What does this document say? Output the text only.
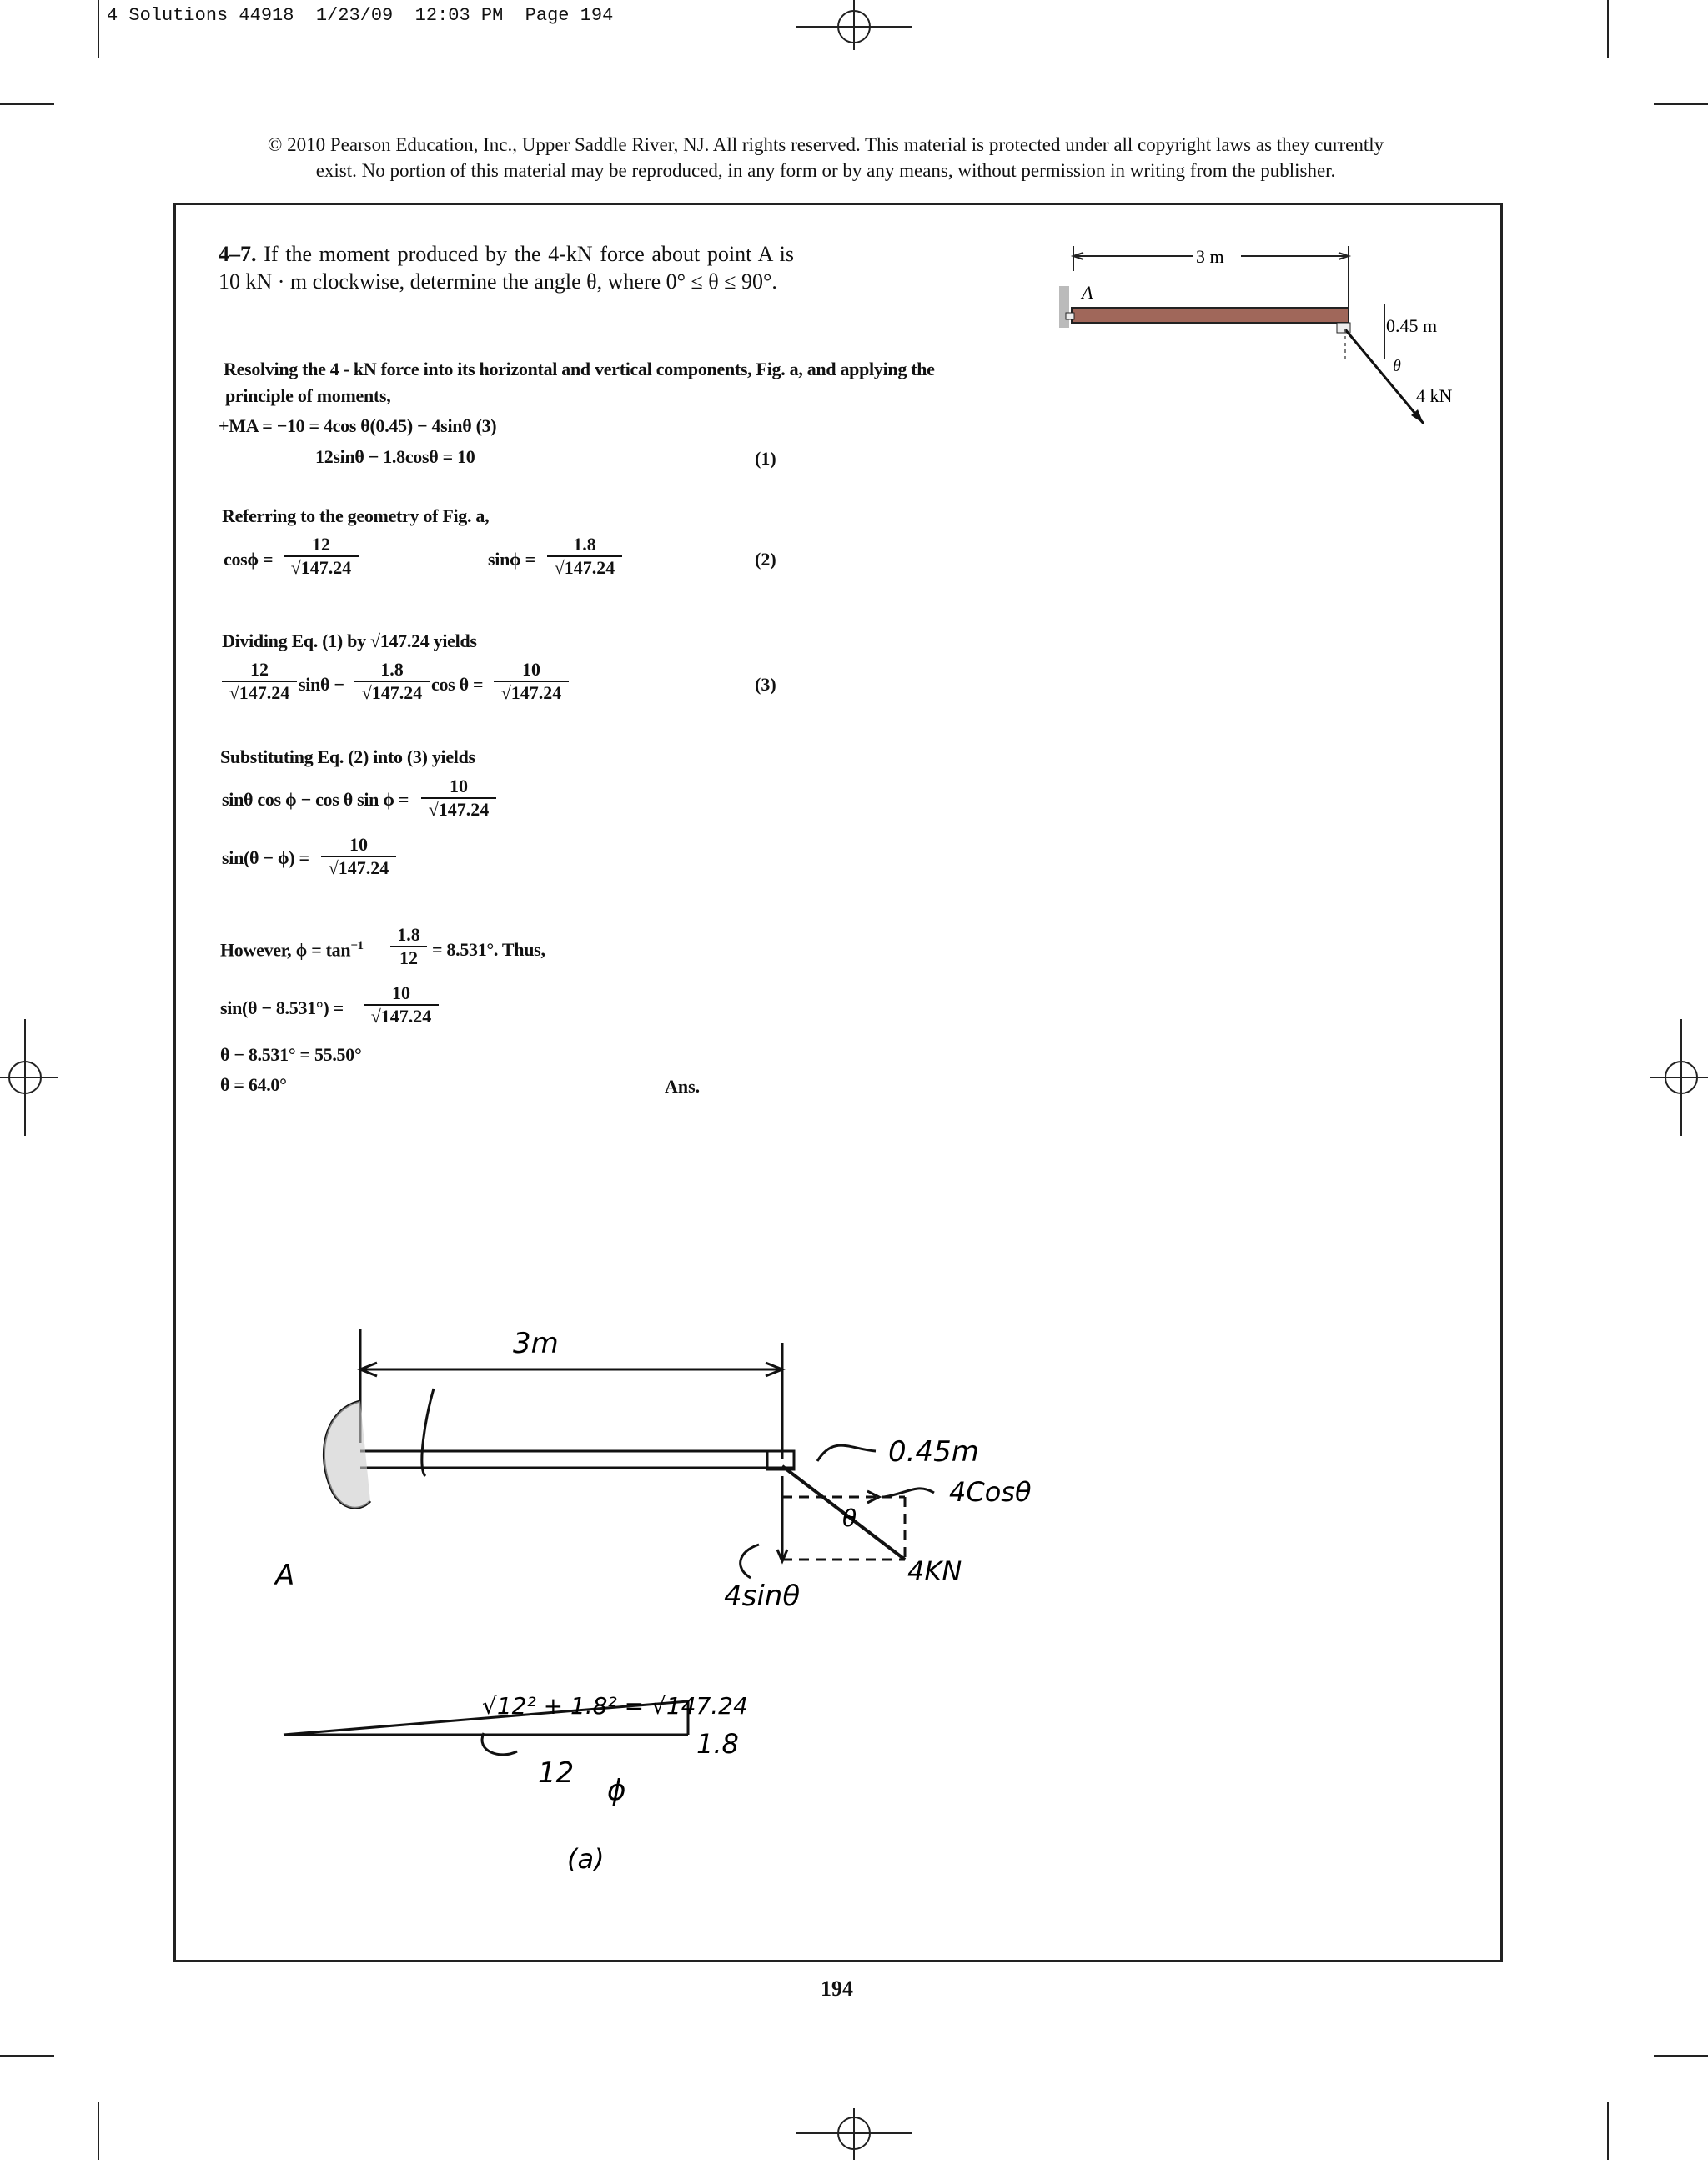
4 Solutions 44918  1/23/09  12:03 PM  Page 194
© 2010 Pearson Education, Inc., Upper Saddle River, NJ. All rights reserved. This material is protected under all copyright laws as they currently
exist. No portion of this material may be reproduced, in any form or by any means, without permission in writing from the publisher.
4–7. If the moment produced by the 4-kN force about point A is 10 kN · m clockwise, determine the angle θ, where 0° ≤ θ ≤ 90°.
3 m
0.45 m
A
θ
4 kN
Resolving the 4 - kN force into its horizontal and vertical components, Fig. a, and applying the
principle of moments,
+MA = −10 = 4cos θ(0.45) − 4sinθ (3)
12sinθ − 1.8cosθ = 10	(1)
Referring to the geometry of Fig. a,
$\cos\phi = \frac{12}{√147.24}$	$\sin\phi = \frac{1.8}{√147.24}$	(2)
Dividing Eq. (1) by √147.24 yields
$\frac{12}{√147.24}$ $\sin\theta - \frac{1.8}{√147.24}$ $\cos \theta = \frac{10}{√147.24}$	(3)
Substituting Eq. (2) into (3) yields
sinθ cos ϕ − cos θ $\sin \phi = \frac{10}{√147.24}$
$\sin(\theta - \phi) = \frac{10}{√147.24}$
However, $\phi = \tan^{-1} \frac{1.8}{12} = 8.531^\circ$. Thus,
$\sin(\theta - 8.531^\circ) = \frac{10}{√147.24}$
θ − 8.531° = 55.50°
θ = 64.0°	Ans.
3m
0.45m
4Cosθ
4sinθ
4KN
A
θ
√12² + 1.8² = √147.24
12
1.8
ϕ
(a)
194
